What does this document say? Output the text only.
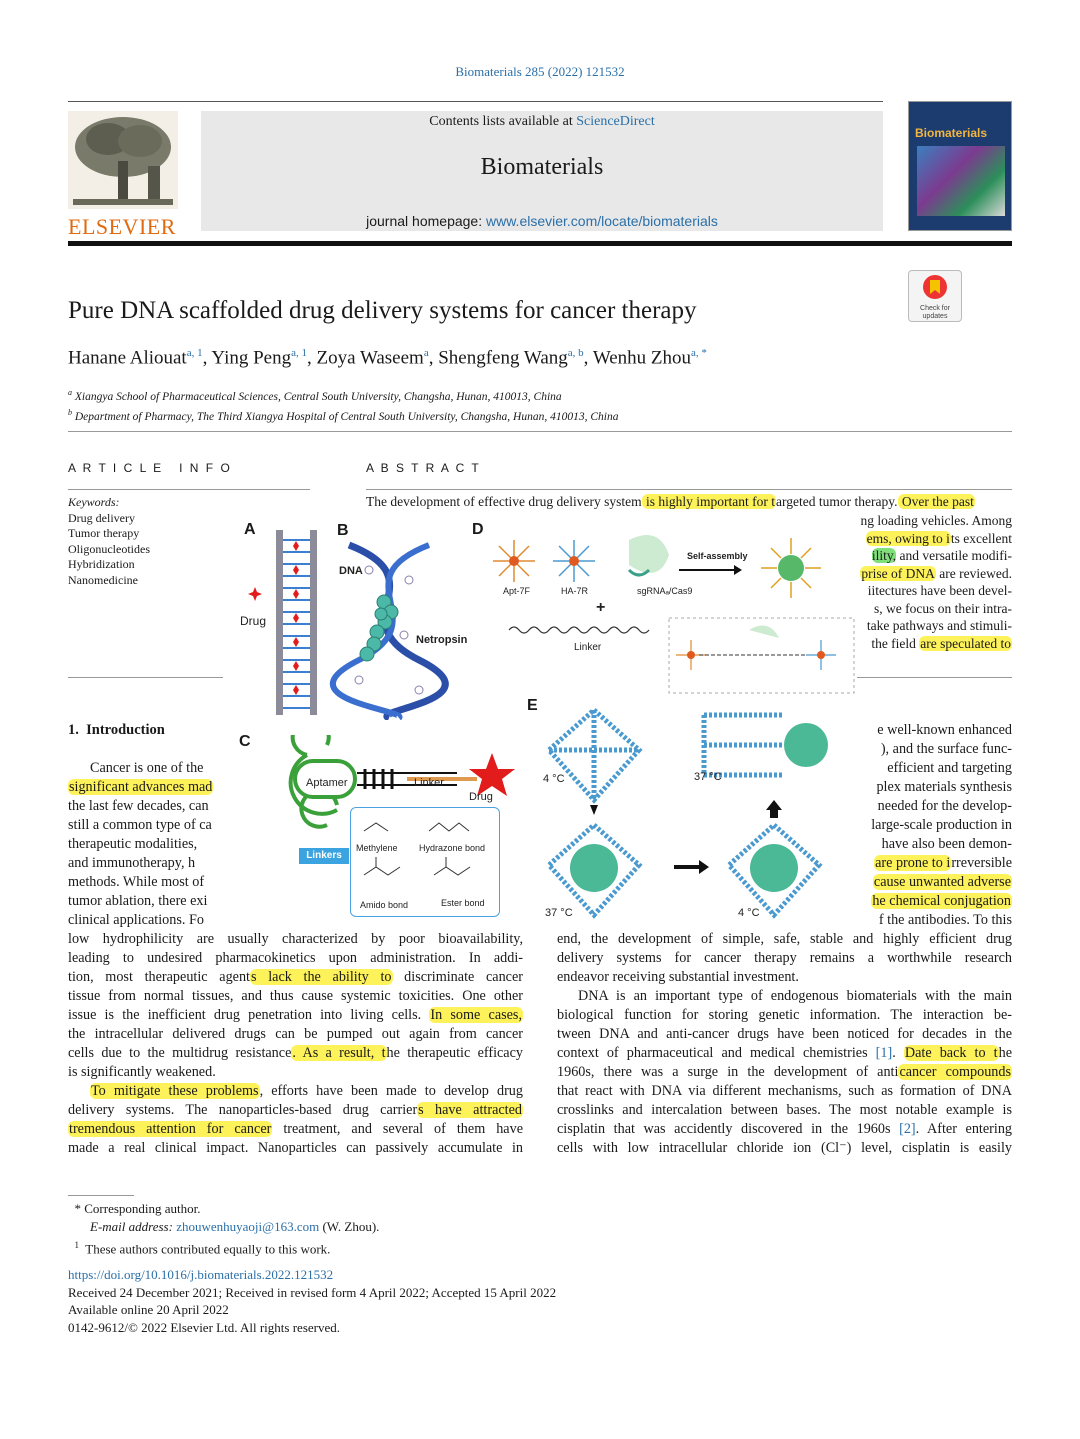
Biomaterials 285 (2022) 121532
ELSEVIER
Contents lists available at ScienceDirect
Biomaterials
journal homepage: www.elsevier.com/locate/biomaterials
Biomaterials
Check for
updates
Pure DNA scaffolded drug delivery systems for cancer therapy
Hanane Aliouat$^{a, 1}$, Ying Peng$^{a, 1}$, Zoya Waseem$^a$, Shengfeng Wang$^{a, b}$, Wenhu Zhou$^{a, *}$
$^a$ Xiangya School of Pharmaceutical Sciences, Central South University, Changsha, Hunan, 410013, China
$^b$ Department of Pharmacy, The Third Xiangya Hospital of Central South University, Changsha, Hunan, 410013, China
A R T I C L E   I N F O
Keywords:
Drug delivery
Tumor therapy
Oligonucleotides
Hybridization
Nanomedicine
A B S T R A C T
The development of effective drug delivery system is highly important for targeted tumor therapy. Over the past
ng loading vehicles. Among
ems, owing to its excellent
ility, and versatile modifi-
prise of DNA are reviewed.
iitectures have been devel-
s, we focus on their intra-
take pathways and stimuli-
the field are speculated to
1.  Introduction
Cancer is one of the
significant advances mad
the last few decades, can
still a common type of ca
therapeutic modalities,
and immunotherapy, h
methods. While most of
tumor ablation, there exi
clinical applications. Fo
e well-known enhanced
), and the surface func-
efficient and targeting
plex materials synthesis
needed for the develop-
large-scale production in
have also been demon-
are prone to irreversible
cause unwanted adverse
he chemical conjugation
f the antibodies. To this
low hydrophilicity are usually characterized by poor bioavailability,
leading to undesired pharmacokinetics upon administration. In addi-
tion, most therapeutic agents lack the ability to discriminate cancer
tissue from normal tissues, and thus cause systemic toxicities. One other
issue is the inefficient drug penetration into living cells. In some cases,
the intracellular delivered drugs can be pumped out again from cancer
cells due to the multidrug resistance. As a result, the therapeutic efficacy
is significantly weakened.
To mitigate these problems, efforts have been made to develop drug
delivery systems. The nanoparticles-based drug carriers have attracted
tremendous attention for cancer treatment, and several of them have
made a real clinical impact. Nanoparticles can passively accumulate in
end, the development of simple, safe, stable and highly efficient drug
delivery systems for cancer therapy remains a worthwhile research
endeavor receiving substantial investment.
DNA is an important type of endogenous biomaterials with the main
biological function for storing genetic information. The interaction be-
tween DNA and anti-cancer drugs have been noticed for decades in the
context of pharmaceutical and medical chemistries [1]. Date back to the
1960s, there was a surge in the development of anticancer compounds
that react with DNA via different mechanisms, such as formation of DNA
crosslinks and intercalation between bases. The most notable example is
cisplatin that was accidently discovered in the 1960s [2]. After entering
cells with low intracellular chloride ion (Cl⁻) level, cisplatin is easily
A	B
C
D
E
Drug
DNA
Netropsin
Aptamer	Linker
Drug
Linkers
Methylene Hydrazone bond
Amido bond	Ester bond
Apt-7F	HA-7R	sgRNAₐ/Cas9
Self-assembly
Linker
+
4 °C	37 °C
37 °C	4 °C
* Corresponding author.
E-mail address: zhouwenhuyaoji@163.com (W. Zhou).
$^1$ These authors contributed equally to this work.
https://doi.org/10.1016/j.biomaterials.2022.121532
Received 24 December 2021; Received in revised form 4 April 2022; Accepted 15 April 2022
Available online 20 April 2022
0142-9612/© 2022 Elsevier Ltd. All rights reserved.
